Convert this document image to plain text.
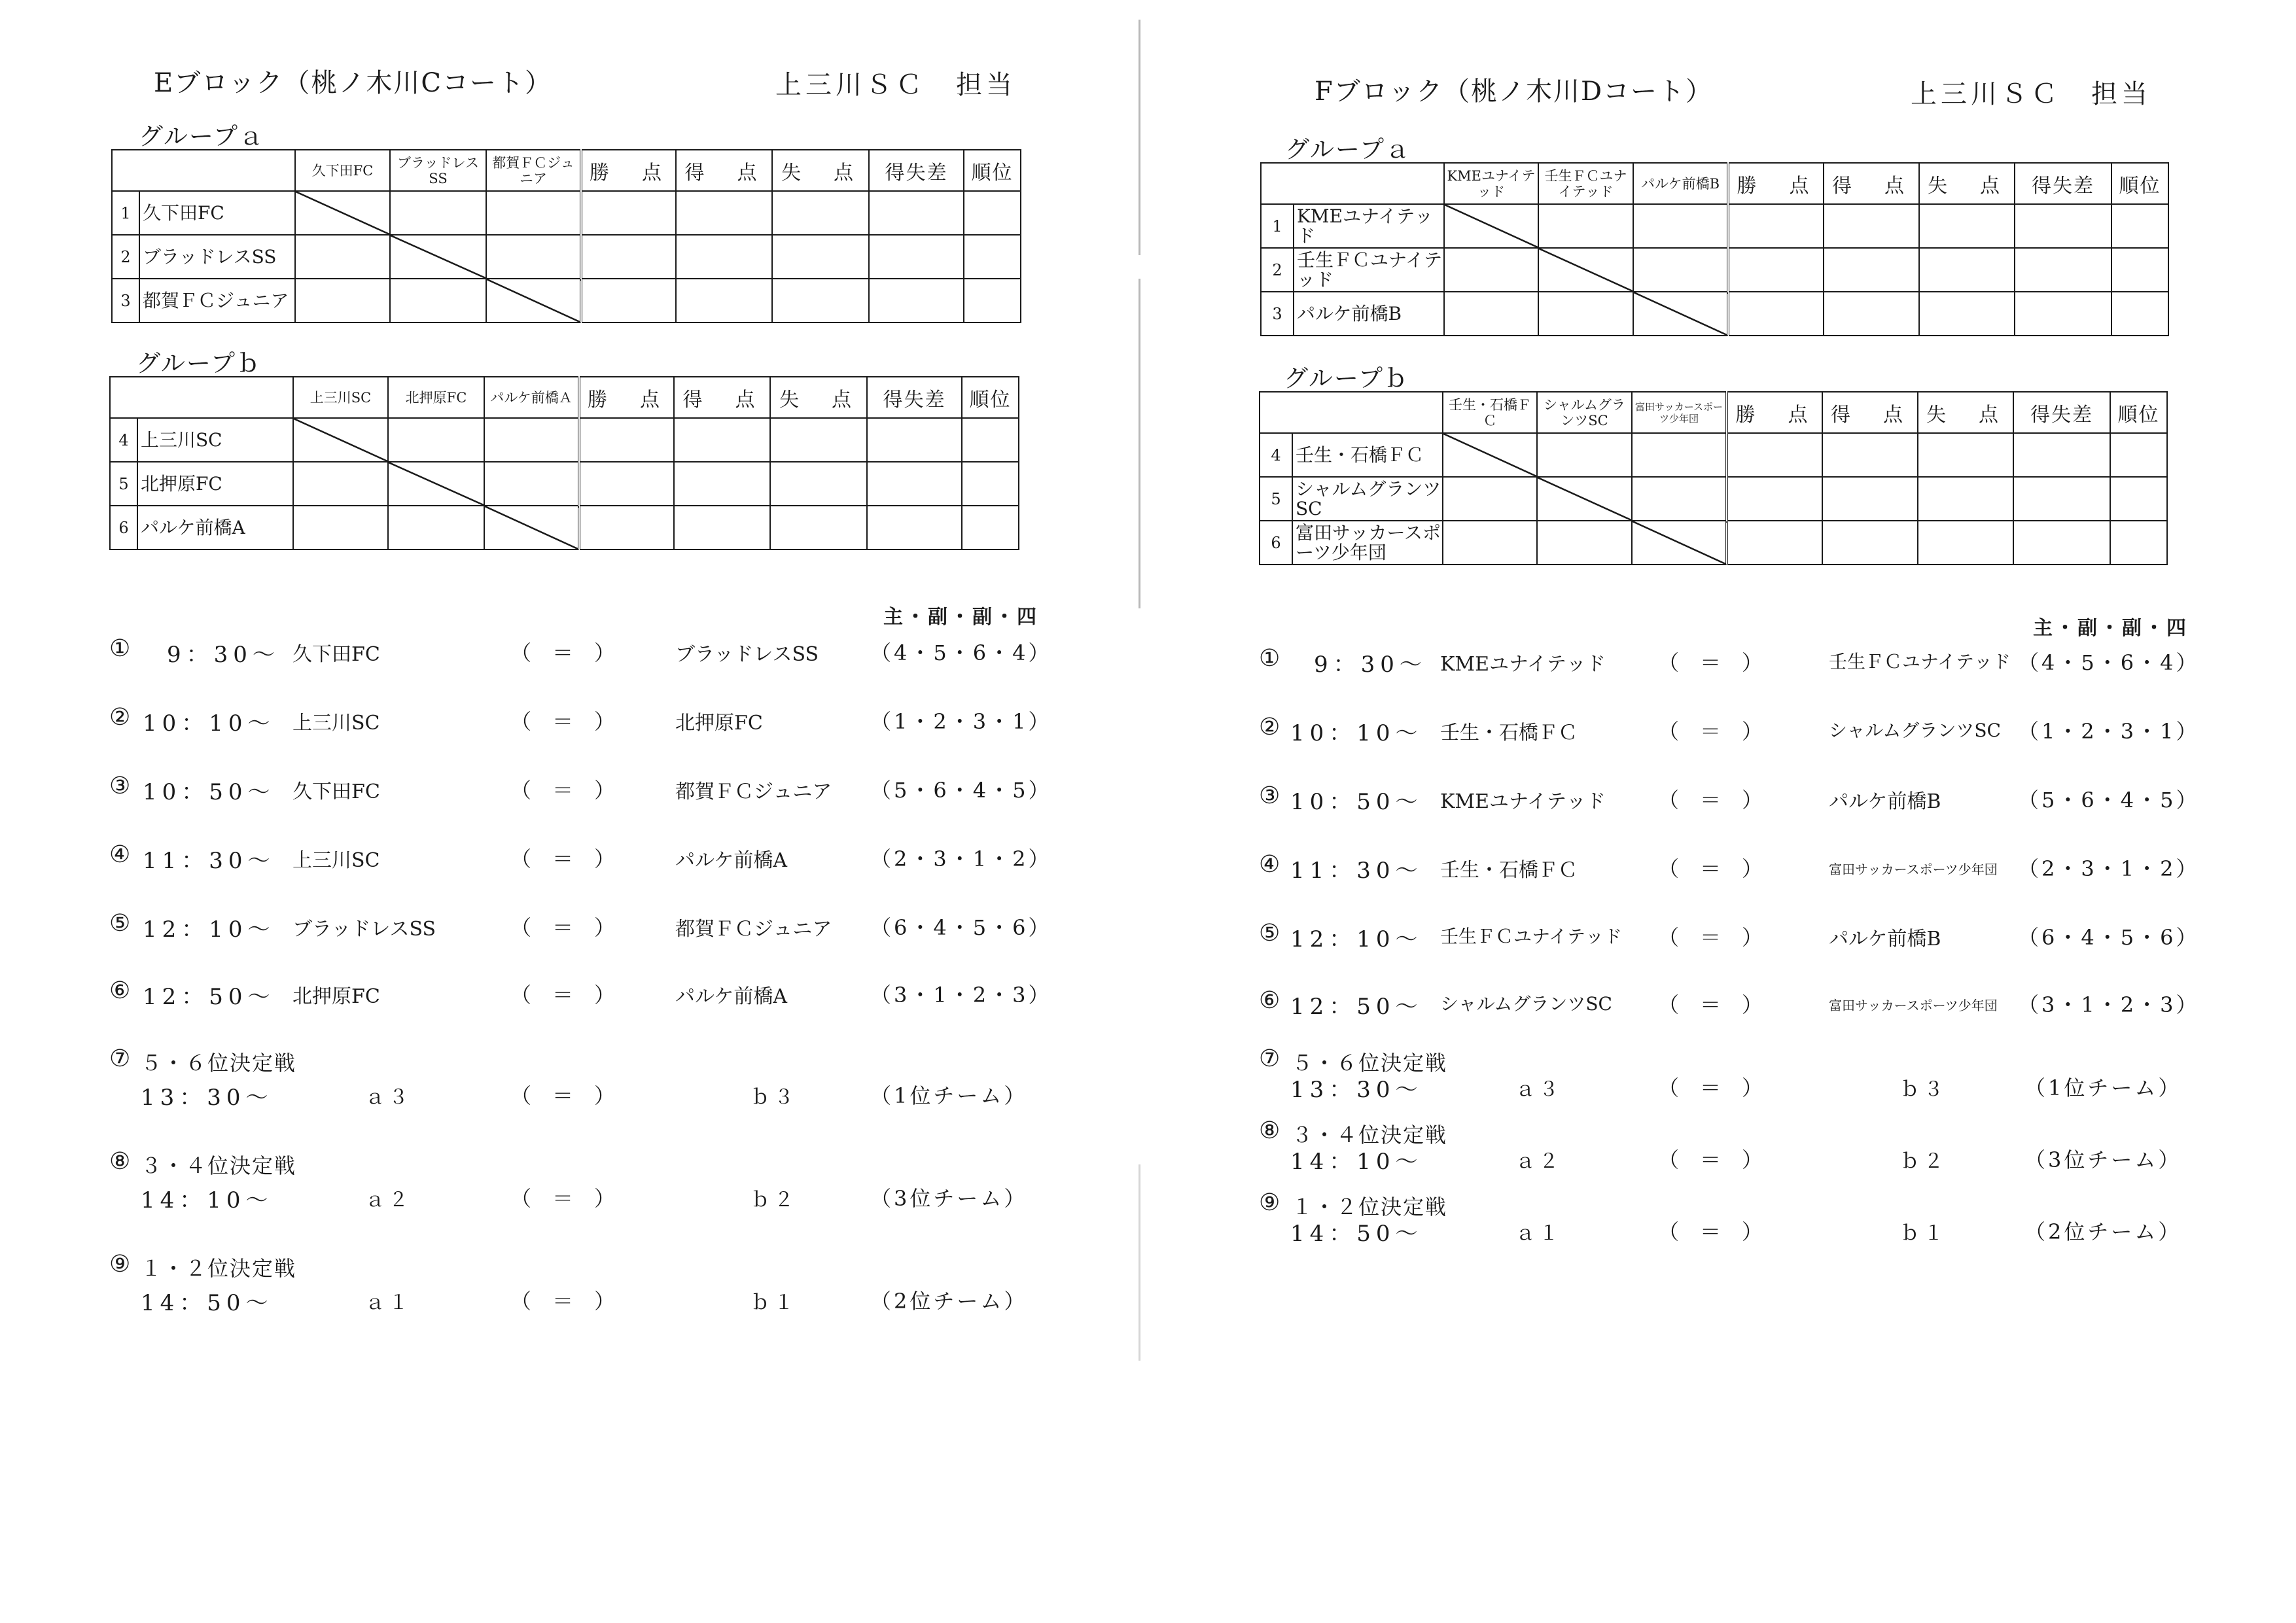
Eブロック（桃ノ木川Cコート）	上三川ＳＣ　担当
グループａ
		久下田FC	ブラッドレスSS	都賀ＦＣジュニア	勝　点	得　点	失　点	得失差	順位
1	久下田FC								
2	ブラッドレスSS								
3	都賀ＦＣジュニア								
グループｂ
		上三川SC	北押原FC	パルケ前橋Ａ	勝　点	得　点	失　点	得失差	順位
4	上三川SC								
5	北押原FC								
6	パルケ前橋A								
主・副・副・四
① 9：30～ 久下田FC	（　＝　）	ブラッドレスSS （4・5・6・4）
② 10：10～ 上三川SC	（　＝　）	北押原FC	（1・2・3・1）
③ 10：50～ 久下田FC	（　＝　）	都賀ＦＣジュニア （5・6・4・5）
④ 11：30～ 上三川SC	（　＝　）	パルケ前橋A	（2・3・1・2）
⑤ 12：10～ ブラッドレスSS	（　＝　）	都賀ＦＣジュニア （6・4・5・6）
⑥ 12：50～ 北押原FC	（　＝　）	パルケ前橋A	（3・1・2・3）
⑦ ５・６位決定戦
13：30～	ａ３	（　＝　）	ｂ３	（1位チーム）
⑧ ３・４位決定戦
14：10～	ａ２	（　＝　）	ｂ２	（3位チーム）
⑨ １・２位決定戦
14：50～	ａ１	（　＝　）	ｂ１	（2位チーム）
Fブロック（桃ノ木川Dコート）	上三川ＳＣ　担当
グループａ
		KMEユナイテッド	壬生ＦＣユナイテッド	パルケ前橋B	勝　点	得　点	失　点	得失差	順位
1	KMEユナイテッド								
2	壬生ＦＣユナイテッド								
3	パルケ前橋B								
グループｂ
		壬生・石橋ＦＣ	シャルムグランツSC	富田サッカースポーツ少年団	勝　点	得　点	失　点	得失差	順位
4	壬生・石橋ＦＣ								
5	シャルムグランツSC								
6	富田サッカースポーツ少年団								
主・副・副・四
① 9：30～ KMEユナイテッド	（　＝　）	壬生ＦＣユナイテッド （4・5・6・4）
② 10：10～ 壬生・石橋ＦＣ	（　＝　）	シャルムグランツSC （1・2・3・1）
③ 10：50～ KMEユナイテッド	（　＝　）	パルケ前橋B	（5・6・4・5）
④ 11：30～ 壬生・石橋ＦＣ	（　＝　）	富田サッカースポーツ少年団 （2・3・1・2）
⑤ 12：10～ 壬生ＦＣユナイテッド （　＝　）	パルケ前橋B	（6・4・5・6）
⑥ 12：50～ シャルムグランツSC （　＝　）	富田サッカースポーツ少年団 （3・1・2・3）
⑦ ５・６位決定戦
13：30～	ａ３	（　＝　）	ｂ３	（1位チーム）
⑧ ３・４位決定戦
14：10～	ａ２	（　＝　）	ｂ２	（3位チーム）
⑨ １・２位決定戦
14：50～	ａ１	（　＝　）	ｂ１	（2位チーム）
